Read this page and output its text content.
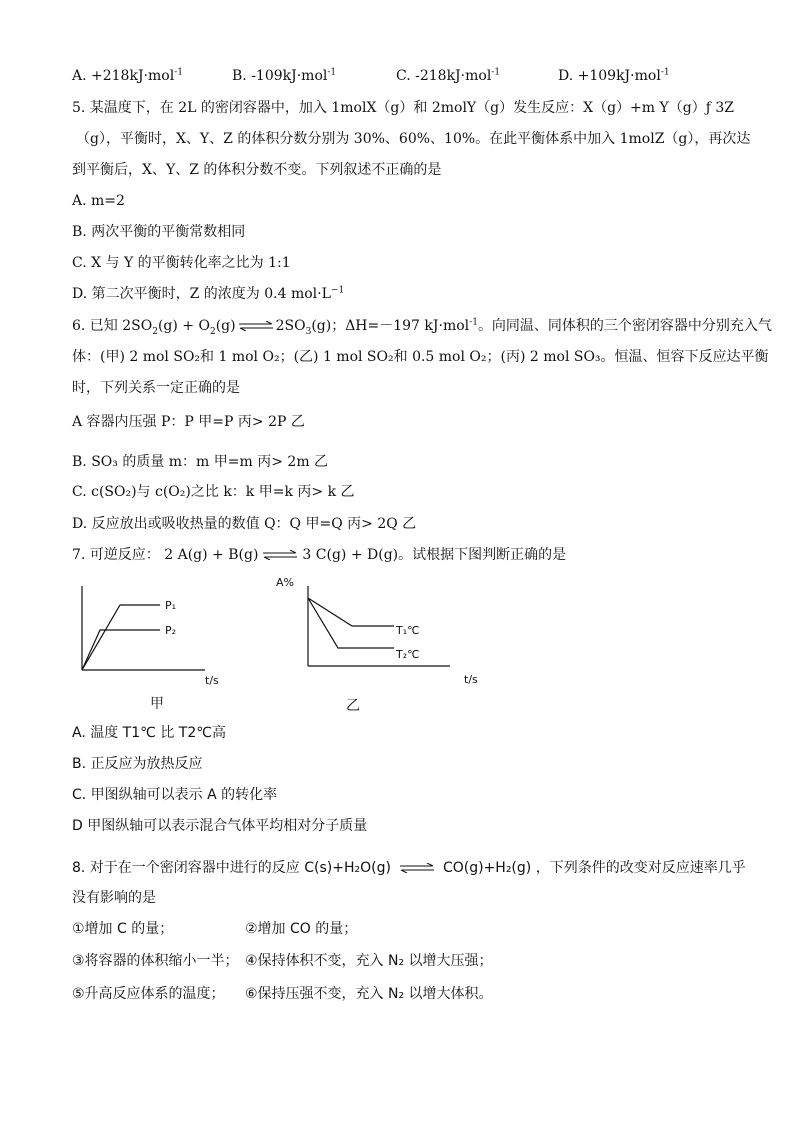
A. +218kJ·mol$^{-1}$	B. -109kJ·mol$^{-1}$	C. -218kJ·mol$^{-1}$	D. +109kJ·mol$^{-1}$
5. 某温度下，在 2L 的密闭容器中，加入 1molX（g）和 2molY（g）发生反应：X（g）+m Y（g）ƒ 3Z
（g），平衡时，X、Y、Z 的体积分数分别为 30%、60%、10%。在此平衡体系中加入 1molZ（g），再次达
到平衡后，X、Y、Z 的体积分数不变。下列叙述不正确的是
A. m=2
B. 两次平衡的平衡常数相同
C. X 与 Y 的平衡转化率之比为 1:1
D. 第二次平衡时，Z 的浓度为 0.4 $mol\cdot L^{-1}$
6. 已知 $2SO_2(g) + O_2(g)$ ⇌ $2SO_3(g)$；ΔH=－197 kJ·mol$^{-1}$。向同温、同体积的三个密闭容器中分别充入气
体：(甲) 2 mol SO₂和 1 mol O₂；(乙) 1 mol SO₂和 0.5 mol O₂；(丙) 2 mol SO₃。恒温、恒容下反应达平衡
时，下列关系一定正确的是
A 容器内压强 P：P 甲=P 丙> 2P 乙
B. SO₃ 的质量 m：m 甲=m 丙> 2m 乙
C. c(SO₂)与 c(O₂)之比 k：k 甲=k 丙> k 乙
D. 反应放出或吸收热量的数值 Q：Q 甲=Q 丙> 2Q 乙
7. 可逆反应： 2 A(g) + B(g) ⇌ 3 C(g) + D(g)。试根据下图判断正确的是
P₁
P₂
t/s
甲
A%
T₁℃
T₂℃
t/s
乙
A. 温度 T1℃ 比 T2℃高
B. 正反应为放热反应
C. 甲图纵轴可以表示 A 的转化率
D 甲图纵轴可以表示混合气体平均相对分子质量
8. 对于在一个密闭容器中进行的反应 C(s)+H₂O(g) ⇌ CO(g)+H₂(g) ，下列条件的改变对反应速率几乎
没有影响的是
①增加 C 的量；	②增加 CO 的量；
③将容器的体积缩小一半； ④保持体积不变，充入 N₂ 以增大压强；
⑤升高反应体系的温度； ⑥保持压强不变，充入 N₂ 以增大体积。
